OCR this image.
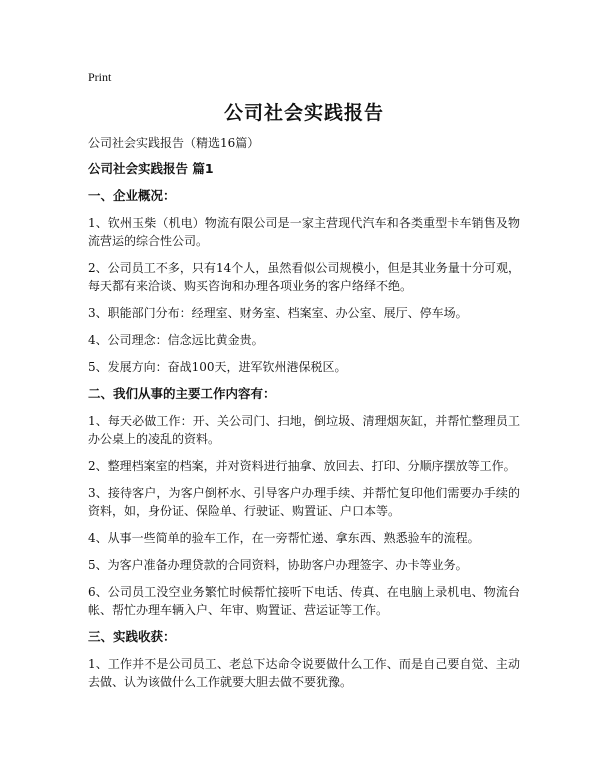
Print
公司社会实践报告
公司社会实践报告（精选16篇）
公司社会实践报告 篇1
一、企业概况：
1、钦州玉柴（机电）物流有限公司是一家主营现代汽车和各类重型卡车销售及物流营运的综合性公司。
2、公司员工不多，只有14个人，虽然看似公司规模小，但是其业务量十分可观，每天都有来洽谈、购买咨询和办理各项业务的客户络绎不绝。
3、职能部门分布：经理室、财务室、档案室、办公室、展厅、停车场。
4、公司理念：信念远比黄金贵。
5、发展方向：奋战100天，进军钦州港保税区。
二、我们从事的主要工作内容有：
1、每天必做工作：开、关公司门、扫地，倒垃圾、清理烟灰缸，并帮忙整理员工办公桌上的凌乱的资料。
2、整理档案室的档案，并对资料进行抽拿、放回去、打印、分顺序摆放等工作。
3、接待客户，为客户倒杯水、引导客户办理手续、并帮忙复印他们需要办手续的资料，如，身份证、保险单、行驶证、购置证、户口本等。
4、从事一些简单的验车工作，在一旁帮忙递、拿东西、熟悉验车的流程。
5、为客户准备办理贷款的合同资料，协助客户办理签字、办卡等业务。
6、公司员工没空业务繁忙时候帮忙接听下电话、传真、在电脑上录机电、物流台帐、帮忙办理车辆入户、年审、购置证、营运证等工作。
三、实践收获：
1、工作并不是公司员工、老总下达命令说要做什么工作、而是自己要自觉、主动去做、认为该做什么工作就要大胆去做不要犹豫。
